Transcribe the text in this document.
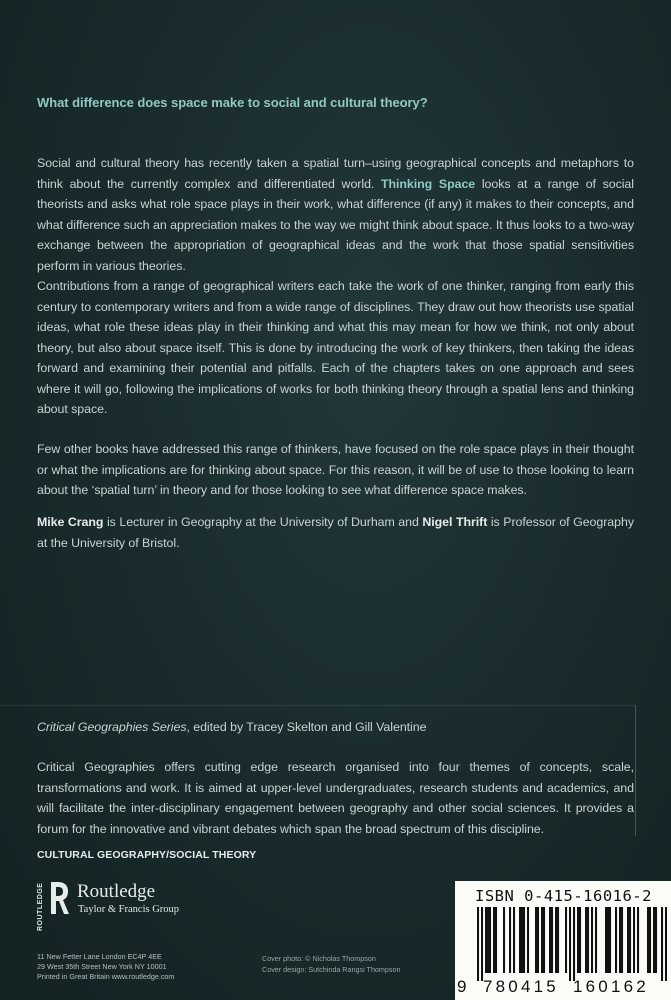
What difference does space make to social and cultural theory?

Social and cultural theory has recently taken a spatial turn–using geographical concepts and metaphors to think about the currently complex and differentiated world. Thinking Space looks at a range of social theorists and asks what role space plays in their work, what difference (if any) it makes to their concepts, and what difference such an appreciation makes to the way we might think about space. It thus looks to a two-way exchange between the appropriation of geographical ideas and the work that those spatial sensitivities perform in various theories.

Contributions from a range of geographical writers each take the work of one thinker, ranging from early this century to contemporary writers and from a wide range of disciplines. They draw out how theorists use spatial ideas, what role these ideas play in their thinking and what this may mean for how we think, not only about theory, but also about space itself. This is done by introducing the work of key thinkers, then taking the ideas forward and examining their potential and pitfalls. Each of the chapters takes on one approach and sees where it will go, following the implications of works for both thinking theory through a spatial lens and thinking about space.

Few other books have addressed this range of thinkers, have focused on the role space plays in their thought or what the implications are for thinking about space. For this reason, it will be of use to those looking to learn about the ‘spatial turn’ in theory and for those looking to see what difference space makes.

Mike Crang is Lecturer in Geography at the University of Durham and Nigel Thrift is Professor of Geography at the University of Bristol.

Critical Geographies Series, edited by Tracey Skelton and Gill Valentine

Critical Geographies offers cutting edge research organised into four themes of concepts, scale, transformations and work. It is aimed at upper-level undergraduates, research students and academics, and will facilitate the inter-disciplinary engagement between geography and other social sciences. It provides a forum for the innovative and vibrant debates which span the broad spectrum of this discipline.

CULTURAL GEOGRAPHY/SOCIAL THEORY
ROUTLEDGE Routledge
Taylor & Francis Group
11 New Fetter Lane London EC4P 4EE
29 West 35th Street New York NY 10001
Printed in Great Britain www.routledge.com
Cover photo: © Nicholas Thompson
Cover design: Sutchinda Rangsi Thompson
ISBN 0-415-16016-2
9 780415 160162
